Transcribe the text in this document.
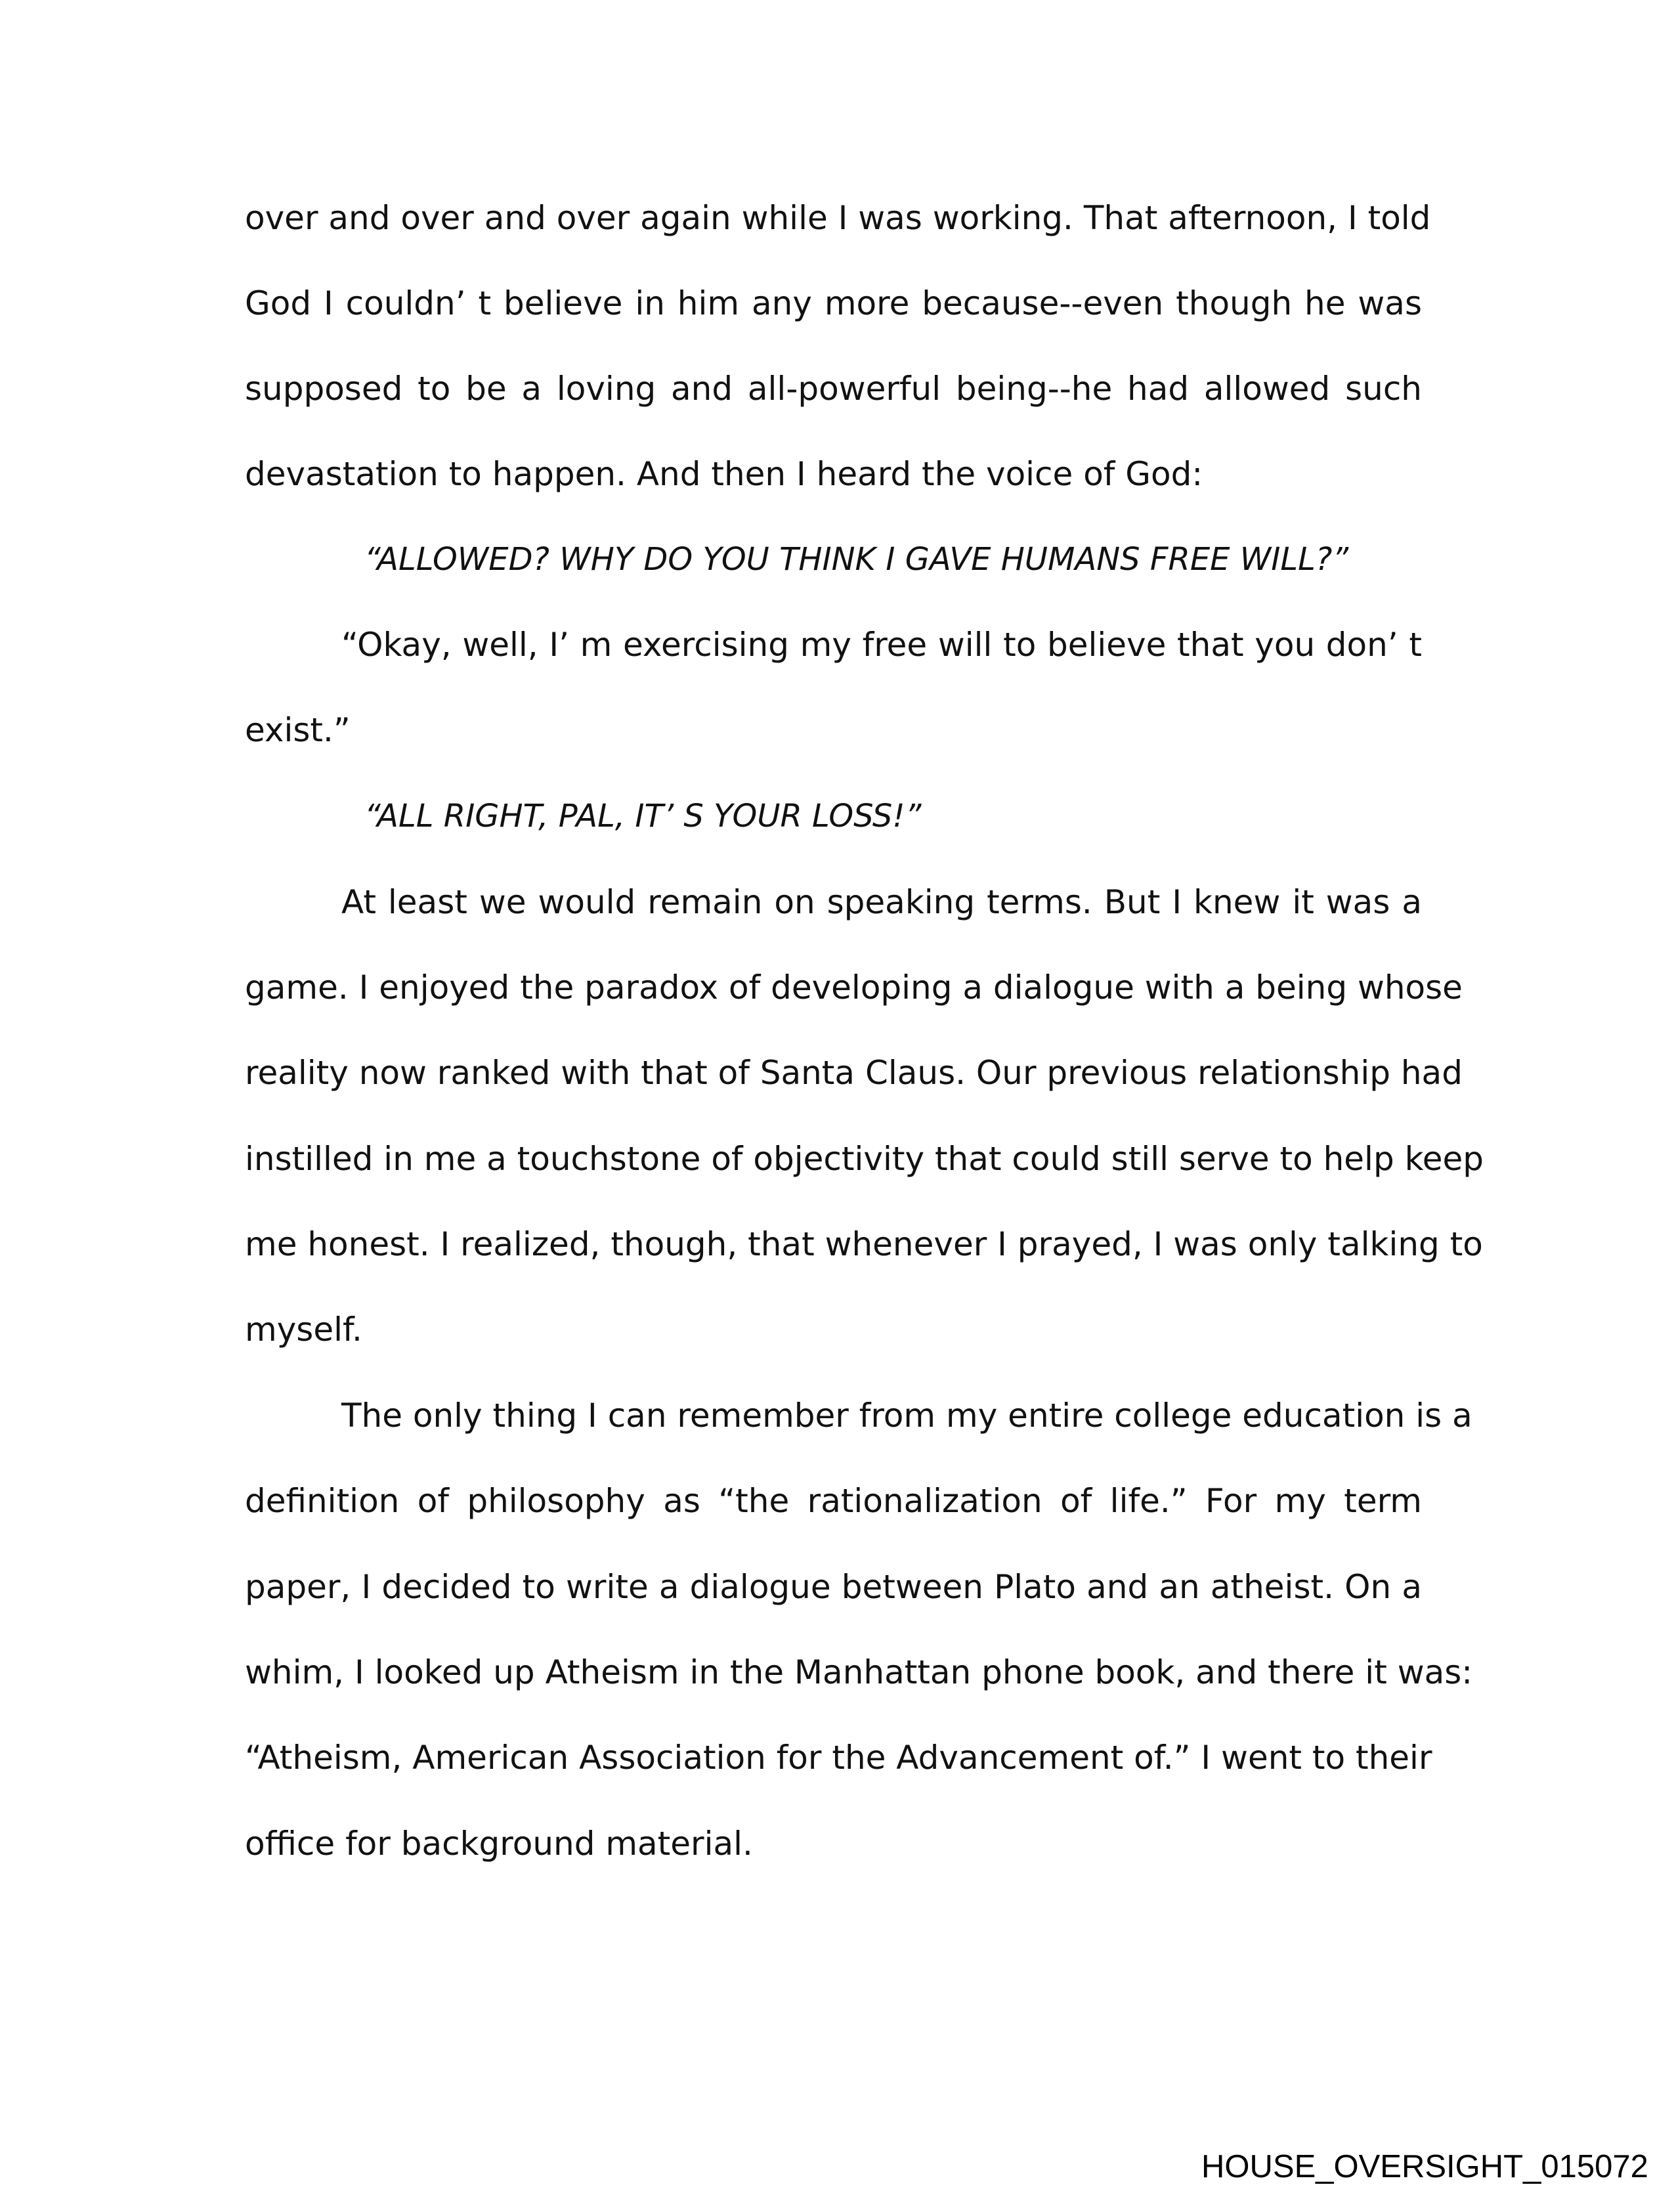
over and over and over again while I was working. That afternoon, I told
God I couldn’ t believe in him any more because--even though he was
supposed to be a loving and all-powerful being--he had allowed such
devastation to happen. And then I heard the voice of God:
“ALLOWED? WHY DO YOU THINK I GAVE HUMANS FREE WILL?”
“Okay, well, I’ m exercising my free will to believe that you don’ t
exist.”
“ALL RIGHT, PAL, IT’ S YOUR LOSS!”
At least we would remain on speaking terms. But I knew it was a
game. I enjoyed the paradox of developing a dialogue with a being whose
reality now ranked with that of Santa Claus. Our previous relationship had
instilled in me a touchstone of objectivity that could still serve to help keep
me honest. I realized, though, that whenever I prayed, I was only talking to
myself.
The only thing I can remember from my entire college education is a
definition of philosophy as “the rationalization of life.” For my term
paper, I decided to write a dialogue between Plato and an atheist. On a
whim, I looked up Atheism in the Manhattan phone book, and there it was:
“Atheism, American Association for the Advancement of.” I went to their
office for background material.
HOUSE_OVERSIGHT_015072
